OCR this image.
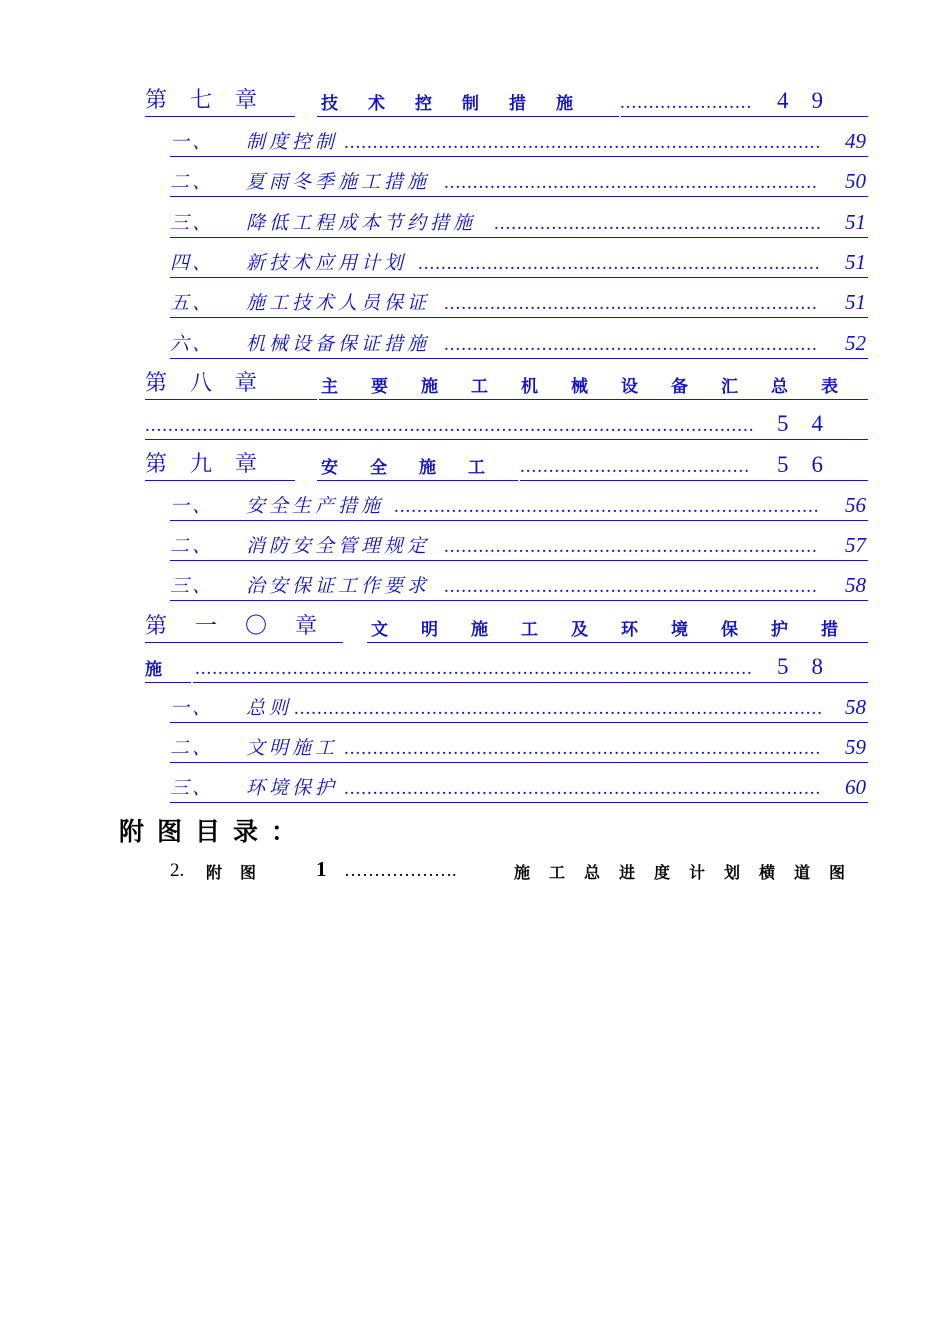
第七章 技术控制措施 ....................... 49
一、 制度控制 ................................................................................... 49
二、 夏雨冬季施工措施 ................................................................. 50
三、 降低工程成本节约措施 ......................................................... 51
四、 新技术应用计划 ...................................................................... 51
五、 施工技术人员保证 ................................................................. 51
六、 机械设备保证措施 ................................................................. 52
第八章 主要施工机械设备汇总表
.......................................................................................................... 54
第九章 安全施工 ........................................ 56
一、 安全生产措施 .......................................................................... 56
二、 消防安全管理规定 ................................................................. 57
三、 治安保证工作要求 ................................................................. 58
第一〇章 文明施工及环境保护措
施 ................................................................................................. 58
一、 总则 ............................................................................................ 58
二、 文明施工 ................................................................................... 59
三、 环境保护 ................................................................................... 60
附图目录：
2. 附图 1 ……………….	施工总进度计划横道图
